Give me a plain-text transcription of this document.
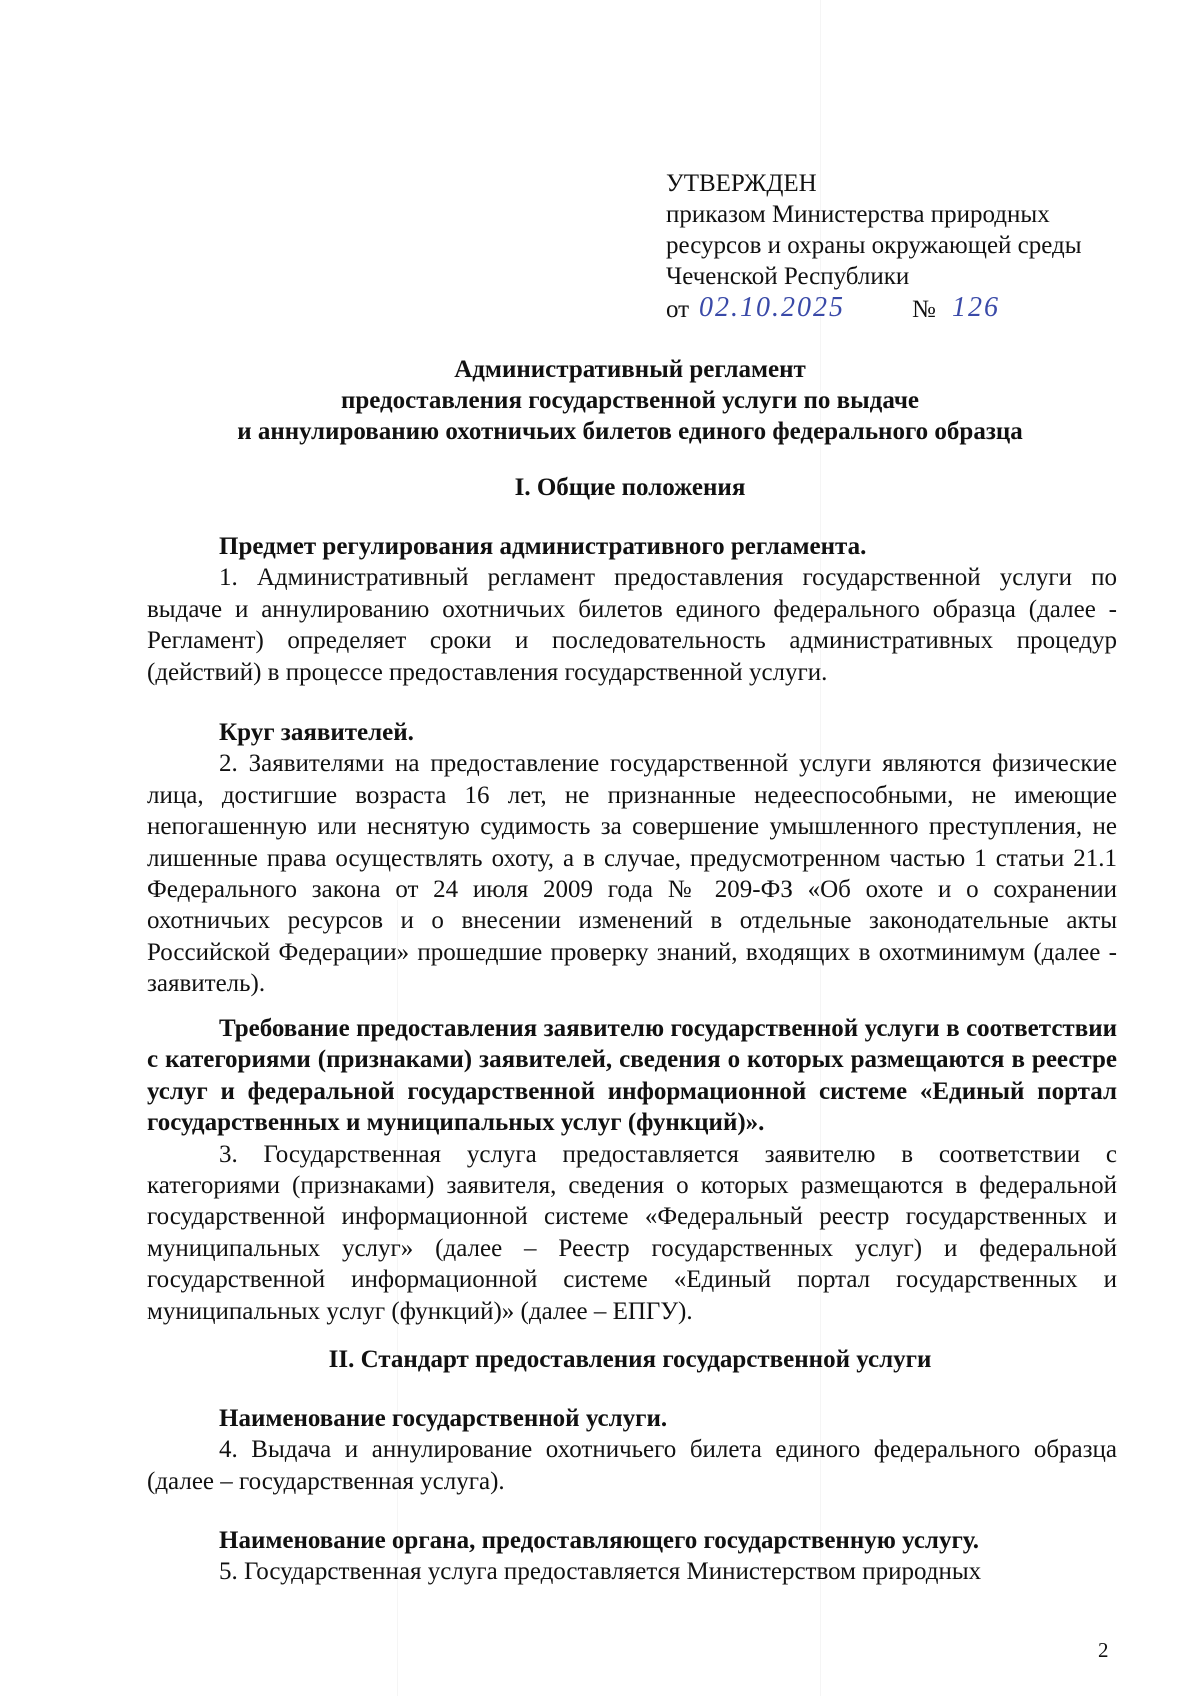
УТВЕРЖДЕН
приказом Министерства природных
ресурсов и охраны окружающей среды
Чеченской Республики
от 02.10.2025	№ 126
Административный регламент
предоставления государственной услуги по выдаче
и аннулированию охотничьих билетов единого федерального образца
I. Общие положения
Предмет регулирования административного регламента.

1. Административный регламент предоставления государственной услуги по выдаче и аннулированию охотничьих билетов единого федерального образца (далее - Регламент) определяет сроки и последовательность административных процедур (действий) в процессе предоставления государственной услуги.

Круг заявителей.

2. Заявителями на предоставление государственной услуги являются физические лица, достигшие возраста 16 лет, не признанные недееспособными, не имеющие непогашенную или неснятую судимость за совершение умышленного преступления, не лишенные права осуществлять охоту, а в случае, предусмотренном частью 1 статьи 21.1 Федерального закона от 24 июля 2009 года № 209-ФЗ «Об охоте и о сохранении охотничьих ресурсов и о внесении изменений в отдельные законодательные акты Российской Федерации» прошедшие проверку знаний, входящих в охотминимум (далее - заявитель).

Требование предоставления заявителю государственной услуги в соответствии с категориями (признаками) заявителей, сведения о которых размещаются в реестре услуг и федеральной государственной информационной системе «Единый портал государственных и муниципальных услуг (функций)».

3. Государственная услуга предоставляется заявителю в соответствии с категориями (признаками) заявителя, сведения о которых размещаются в федеральной государственной информационной системе «Федеральный реестр государственных и муниципальных услуг» (далее – Реестр государственных услуг) и федеральной государственной информационной системе «Единый портал государственных и муниципальных услуг (функций)» (далее – ЕПГУ).

II. Стандарт предоставления государственной услуги
Наименование государственной услуги.

4. Выдача и аннулирование охотничьего билета единого федерального образца (далее – государственная услуга).

Наименование органа, предоставляющего государственную услугу.

5. Государственная услуга предоставляется Министерством природных

2
